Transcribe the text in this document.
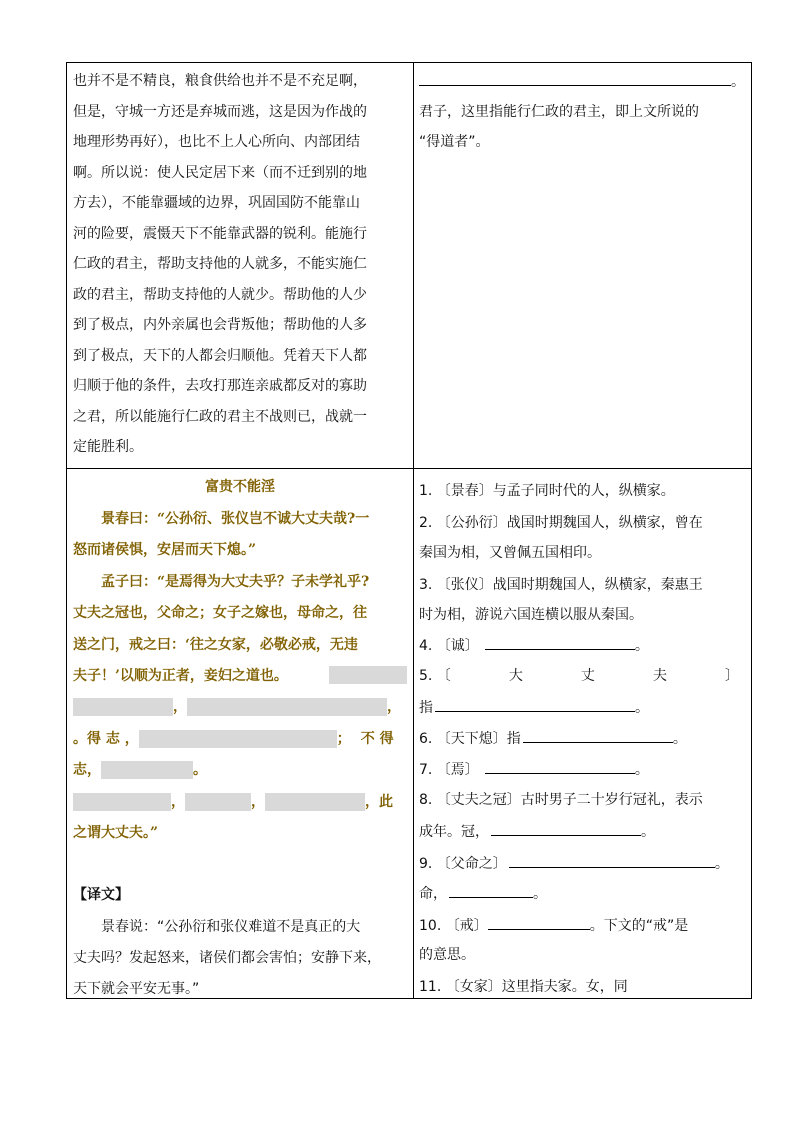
也并不是不精良，粮食供给也并不是不充足啊，
但是，守城一方还是弃城而逃，这是因为作战的
地理形势再好），也比不上人心所向、内部团结
啊。所以说：使人民定居下来（而不迁到别的地
方去），不能靠疆域的边界，巩固国防不能靠山
河的险要，震慑天下不能靠武器的锐利。能施行
仁政的君主，帮助支持他的人就多，不能实施仁
政的君主，帮助支持他的人就少。帮助他的人少
到了极点，内外亲属也会背叛他；帮助他的人多
到了极点，天下的人都会归顺他。凭着天下人都
归顺于他的条件，去攻打那连亲戚都反对的寡助
之君，所以能施行仁政的君主不战则已，战就一
定能胜利。
。
君子，这里指能行仁政的君主，即上文所说的
“得道者”。
富贵不能淫
景春曰：“公孙衍、张仪岂不诚大丈夫哉?一
怒而诸侯惧，安居而天下熄。”
孟子曰：“是焉得为大丈夫乎？子未学礼乎?
丈夫之冠也，父命之；女子之嫁也，母命之，往
送之门，戒之曰：‘往之女家，必敬必戒，无违
夫子！’以顺为正者，妾妇之道也。
，	，
。得 志 ，	； 不 得
志，	。
，	，	，此
之谓大丈夫。”
【译文】
景春说：“公孙衍和张仪难道不是真正的大
丈夫吗？发起怒来，诸侯们都会害怕；安静下来，
天下就会平安无事。”
1. 〔景春〕与孟子同时代的人，纵横家。
2. 〔公孙衍〕战国时期魏国人，纵横家，曾在
秦国为相，又曾佩五国相印。
3. 〔张仪〕战国时期魏国人，纵横家，秦惠王
时为相，游说六国连横以服从秦国。
4. 〔诚〕	。
5. 〔	大	丈	夫	〕
指	。
6. 〔天下熄〕指	。
7. 〔焉〕	。
8. 〔丈夫之冠〕古时男子二十岁行冠礼，表示
成年。冠，	。
9. 〔父命之〕	。
命，	。
10. 〔戒〕	。下文的“戒”是
的意思。
11. 〔女家〕这里指夫家。女，同
